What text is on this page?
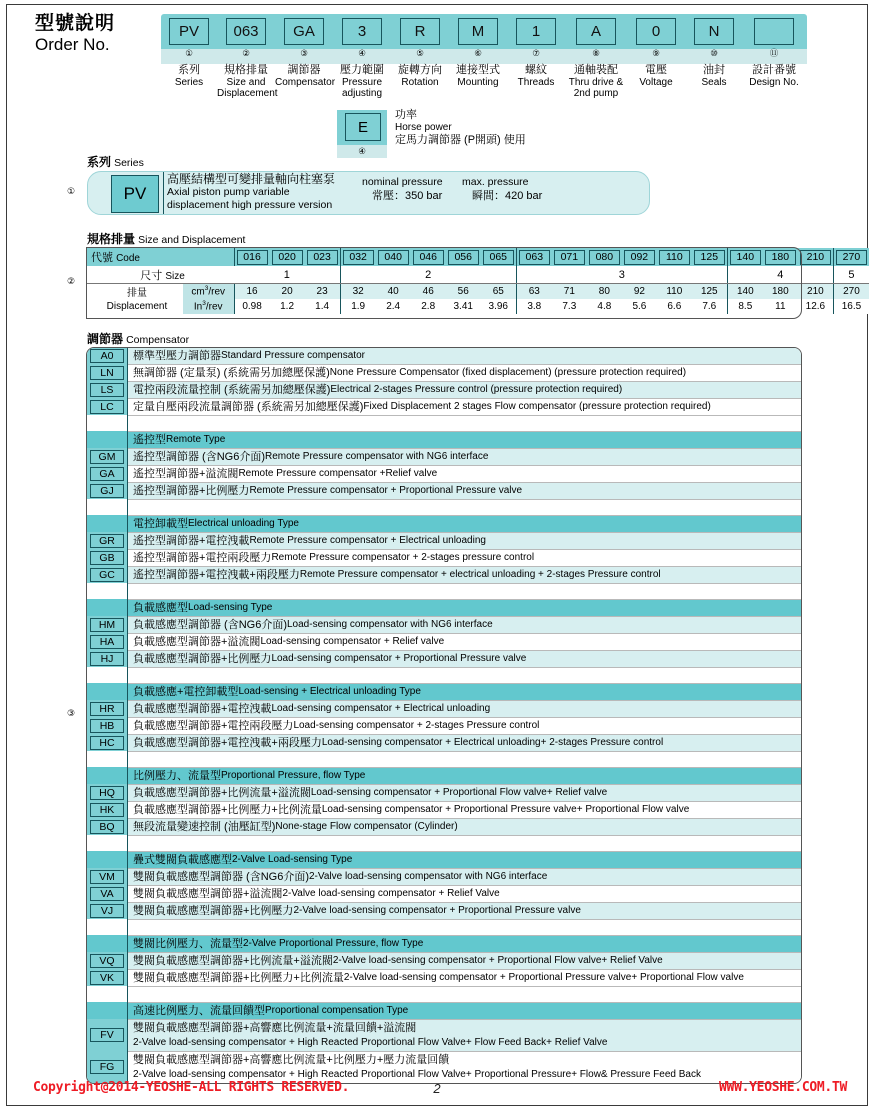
型號說明
Order No.
PV
①
063
②
GA
③
3
④
R
⑤
M
⑥
1
⑦
A
⑧
0
⑨
N
⑩	⑪
系列
Series
規格排量
Size and
Displacement
調節器
Compensator
壓力範圍
Pressure
adjusting
旋轉方向
Rotation
連接型式
Mounting
螺紋
Threads
通軸裝配
Thru drive &
2nd pump
電壓
Voltage
油封
Seals
設計番號
Design No.
E
④
功率
Horse power
定馬力調節器 (P開頭) 使用
系列 Series
①	PV
高壓結構型可變排量軸向柱塞泵
Axial piston pump variable
displacement high pressure version
nominal pressure
常壓：350 bar
max. pressure
瞬間：420 bar
規格排量 Size and Displacement
②
代號 Code		016	020	023	032	040	046	056	065	063	071	080	092	110	125	140	180	210	270

尺寸 Size		1			2					3						4			5
排量	$cm^3$/rev	16	20	23	32	40	46	56	65	63	71	80	92	110	125	140	180	210	270
Displacement	In$^3$/rev	0.98	1.2	1.4	1.9	2.4	2.8	3.41	3.96	3.8	7.3	4.8	5.6	6.6	7.6	8.5	11	12.6	16.5
調節器 Compensator
③
A0	標準型壓力調節器 Standard Pressure compensator
LN	無調節器 (定量泵) (系統需另加總壓保護) None Pressure Compensator (fixed displacement) (pressure protection required)
LS	電控兩段流量控制 (系統需另加總壓保護) Electrical 2-stages Pressure control (pressure protection required)
LC	定量自壓兩段流量調節器 (系統需另加總壓保護) Fixed Displacement 2 stages Flow compensator (pressure protection required)
遙控型 Remote Type
GM	遙控型調節器 (含NG6介面) Remote Pressure compensator with NG6 interface
GA	遙控型調節器+溢流閥 Remote Pressure compensator +Relief valve
GJ	遙控型調節器+比例壓力 Remote Pressure compensator + Proportional Pressure valve
電控卸載型 Electrical unloading Type
GR	遙控型調節器+電控洩載 Remote Pressure compensator + Electrical unloading
GB	遙控型調節器+電控兩段壓力 Remote Pressure compensator + 2-stages pressure control
GC	遙控型調節器+電控洩載+兩段壓力 Remote Pressure compensator + electrical unloading + 2-stages Pressure control
負載感應型 Load-sensing Type
HM	負載感應型調節器 (含NG6介面) Load-sensing compensator with NG6 interface
HA	負載感應型調節器+溢流閥 Load-sensing compensator + Relief valve
HJ	負載感應型調節器+比例壓力 Load-sensing compensator + Proportional Pressure valve
負載感應+電控卸載型 Load-sensing + Electrical unloading Type
HR	負載感應型調節器+電控洩載 Load-sensing compensator + Electrical unloading
HB	負載感應型調節器+電控兩段壓力 Load-sensing compensator + 2-stages Pressure control
HC	負載感應型調節器+電控洩載+兩段壓力 Load-sensing compensator + Electrical unloading+ 2-stages Pressure control
比例壓力、流量型 Proportional Pressure, flow Type
HQ	負載感應型調節器+比例流量+溢流閥 Load-sensing compensator + Proportional Flow valve+ Relief valve
HK	負載感應型調節器+比例壓力+比例流量 Load-sensing compensator + Proportional Pressure valve+ Proportional Flow valve
BQ	無段流量變速控制 (油壓缸型) None-stage Flow compensator (Cylinder)
疊式雙閥負載感應型 2-Valve Load-sensing Type
VM	雙閥負載感應型調節器 (含NG6介面) 2-Valve load-sensing compensator with NG6 interface
VA	雙閥負載感應型調節器+溢流閥 2-Valve load-sensing compensator + Relief Valve
VJ	雙閥負載感應型調節器+比例壓力 2-Valve load-sensing compensator + Proportional Pressure valve
雙閥比例壓力、流量型 2-Valve Proportional Pressure, flow Type
VQ	雙閥負載感應型調節器+比例流量+溢流閥 2-Valve load-sensing compensator + Proportional Flow valve+ Relief Valve
VK	雙閥負載感應型調節器+比例壓力+比例流量 2-Valve load-sensing compensator + Proportional Pressure valve+ Proportional Flow valve
高速比例壓力、流量回饋型 Proportional compensation Type
FV
雙閥負載感應型調節器+高響應比例流量+流量回饋+溢流閥
2-Valve load-sensing compensator + High Reacted Proportional Flow Valve+ Flow Feed Back+ Relief Valve
FG
雙閥負載感應型調節器+高響應比例流量+比例壓力+壓力流量回饋
2-Valve load-sensing compensator + High Reacted Proportional Flow Valve+ Proportional Pressure+ Flow& Pressure Feed Back
Copyright@2014-YEOSHE-ALL RIGHTS RESERVED.	WWW.YEOSHE.COM.TW
2
